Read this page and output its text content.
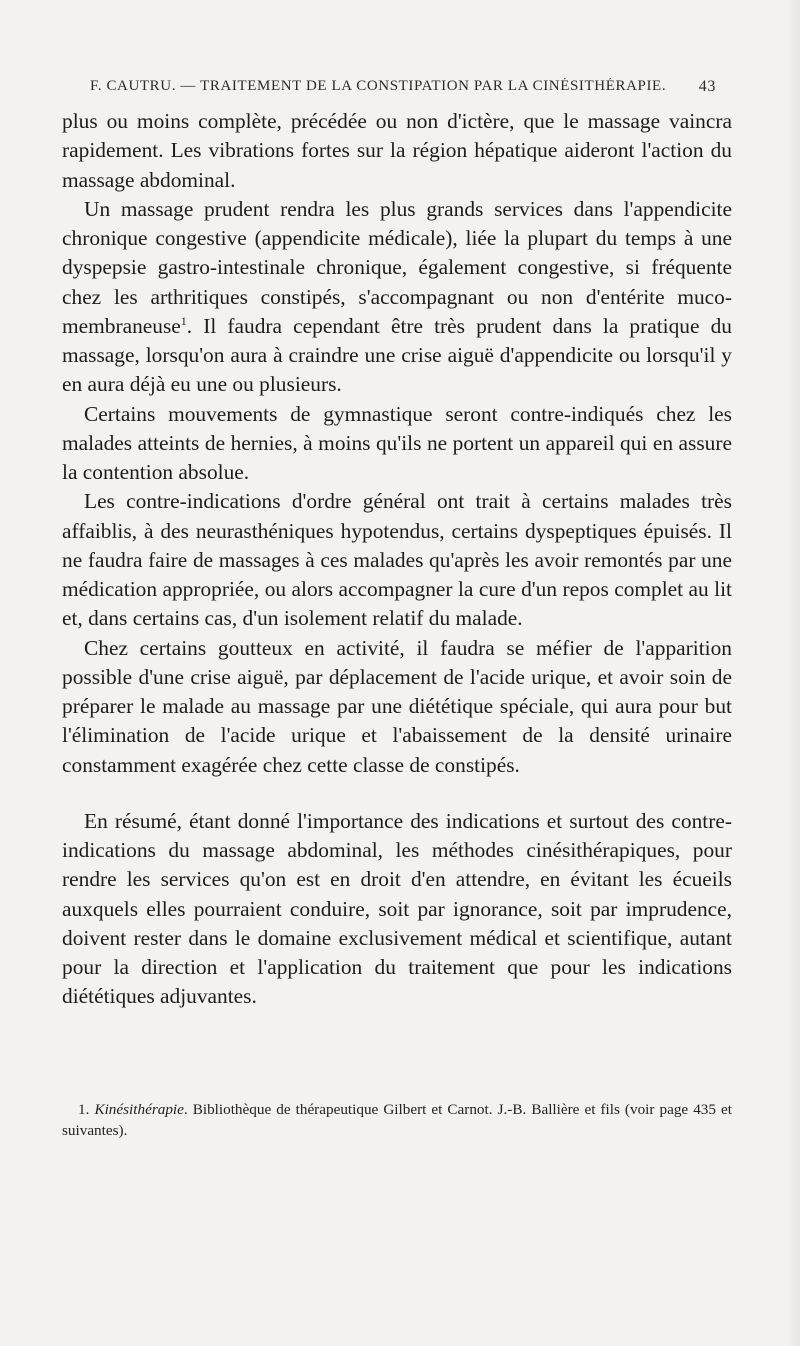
F. CAUTRU. — TRAITEMENT DE LA CONSTIPATION PAR LA CINÉSITHÉRAPIE. 43

plus ou moins complète, précédée ou non d'ictère, que le massage vaincra rapidement. Les vibrations fortes sur la région hépatique aideront l'action du massage abdominal.

Un massage prudent rendra les plus grands services dans l'appendicite chronique congestive (appendicite médicale), liée la plupart du temps à une dyspepsie gastro-intestinale chronique, également congestive, si fréquente chez les arthritiques constipés, s'accompagnant ou non d'entérite muco-membraneuse$^1$. Il faudra cependant être très prudent dans la pratique du massage, lorsqu'on aura à craindre une crise aiguë d'appendicite ou lorsqu'il y en aura déjà eu une ou plusieurs.

Certains mouvements de gymnastique seront contre-indiqués chez les malades atteints de hernies, à moins qu'ils ne portent un appareil qui en assure la contention absolue.

Les contre-indications d'ordre général ont trait à certains malades très affaiblis, à des neurasthéniques hypotendus, certains dyspeptiques épuisés. Il ne faudra faire de massages à ces malades qu'après les avoir remontés par une médication appropriée, ou alors accompagner la cure d'un repos complet au lit et, dans certains cas, d'un isolement relatif du malade.

Chez certains goutteux en activité, il faudra se méfier de l'apparition possible d'une crise aiguë, par déplacement de l'acide urique, et avoir soin de préparer le malade au massage par une diététique spéciale, qui aura pour but l'élimination de l'acide urique et l'abaissement de la densité urinaire constamment exagérée chez cette classe de constipés.

En résumé, étant donné l'importance des indications et surtout des contre-indications du massage abdominal, les méthodes cinésithérapiques, pour rendre les services qu'on est en droit d'en attendre, en évitant les écueils auxquels elles pourraient conduire, soit par ignorance, soit par imprudence, doivent rester dans le domaine exclusivement médical et scientifique, autant pour la direction et l'application du traitement que pour les indications diététiques adjuvantes.

1. Kinésithérapie. Bibliothèque de thérapeutique Gilbert et Carnot. J.-B. Ballière et fils (voir page 435 et suivantes).
